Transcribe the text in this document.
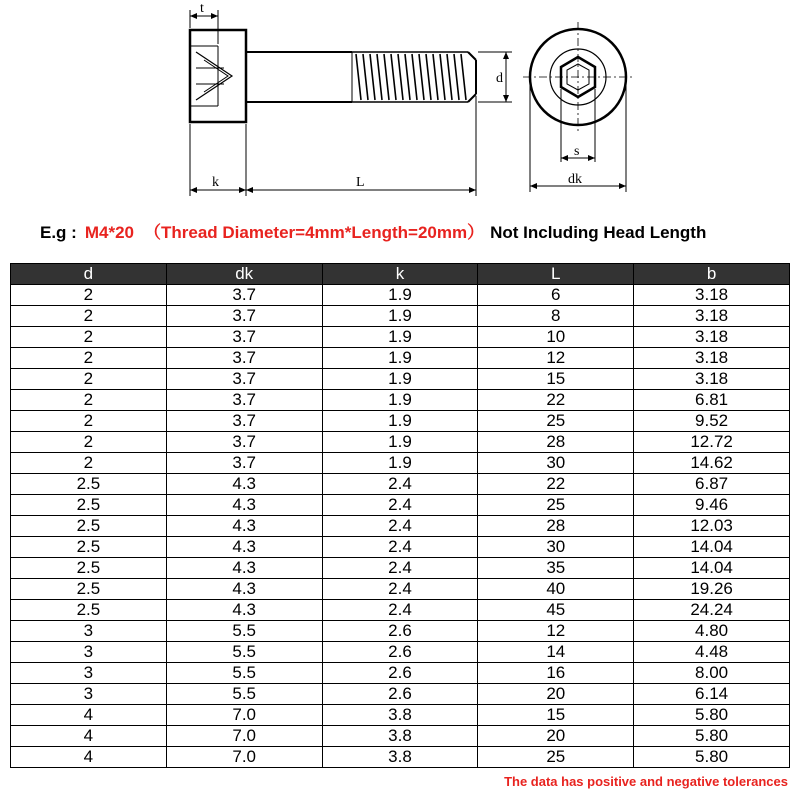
t
k	L
d
s
dk
E.g : M4*20 （Thread Diameter=4mm*Length=20mm） Not Including Head Length
d	dk	k	L	b
2	3.7	1.9	6	3.18
2	3.7	1.9	8	3.18
2	3.7	1.9	10	3.18
2	3.7	1.9	12	3.18
2	3.7	1.9	15	3.18
2	3.7	1.9	22	6.81
2	3.7	1.9	25	9.52
2	3.7	1.9	28	12.72
2	3.7	1.9	30	14.62
2.5	4.3	2.4	22	6.87
2.5	4.3	2.4	25	9.46
2.5	4.3	2.4	28	12.03
2.5	4.3	2.4	30	14.04
2.5	4.3	2.4	35	14.04
2.5	4.3	2.4	40	19.26
2.5	4.3	2.4	45	24.24
3	5.5	2.6	12	4.80
3	5.5	2.6	14	4.48
3	5.5	2.6	16	8.00
3	5.5	2.6	20	6.14
4	7.0	3.8	15	5.80
4	7.0	3.8	20	5.80
4	7.0	3.8	25	5.80
The data has positive and negative tolerances
